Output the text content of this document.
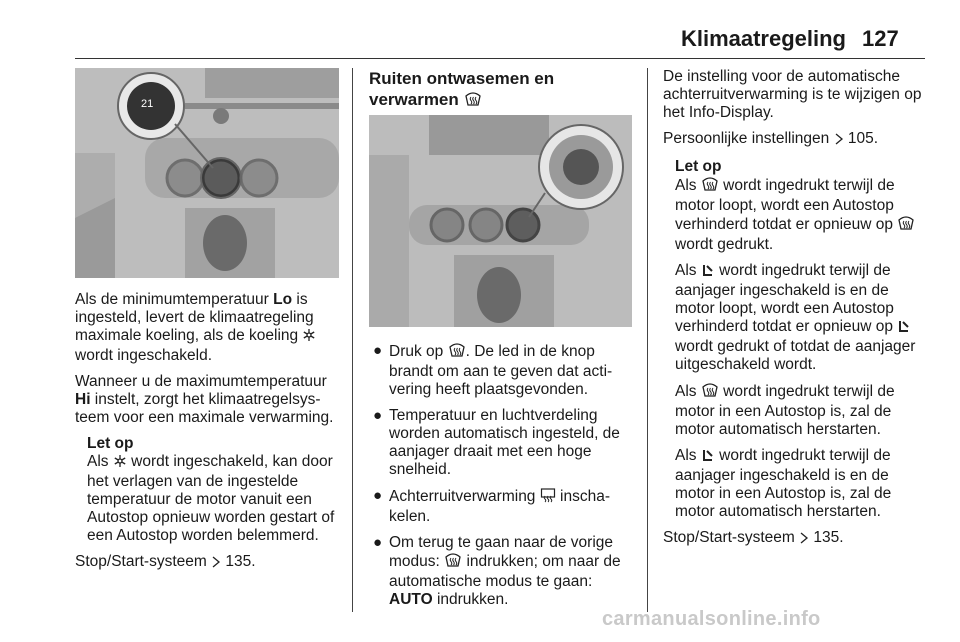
Klimaatregeling 127
21

Als de minimumtemperatuur Lo is ingesteld, levert de klimaatregeling maximale koeling, als de koeling  wordt ingeschakeld.

Wanneer u de maximumtemperatuur Hi instelt, zorgt het klimaatregelsys-teem voor een maximale verwarming.

Let op
Als  wordt ingeschakeld, kan door het verlagen van de ingestelde temperatuur de motor vanuit een Autostop opnieuw worden gestart of een Autostop worden belemmerd.

Stop/Start-systeem  135.

Ruiten ontwasemen en verwarmen
● Druk op . De led in de knop brandt om aan te geven dat acti-vering heeft plaatsgevonden.
● Temperatuur en luchtverdeling worden automatisch ingesteld, de aanjager draait met een hoge snelheid.
● Achterruitverwarming  inscha-kelen.
● Om terug te gaan naar de vorige modus:  indrukken; om naar de automatische modus te gaan: AUTO indrukken.

De instelling voor de automatische achterruitverwarming is te wijzigen op het Info-Display.

Persoonlijke instellingen  105.

Let op

Als  wordt ingedrukt terwijl de motor loopt, wordt een Autostop verhinderd totdat er opnieuw op  wordt gedrukt.

Als  wordt ingedrukt terwijl de aanjager ingeschakeld is en de motor loopt, wordt een Autostop verhinderd totdat er opnieuw op  wordt gedrukt of totdat de aanjager uitgeschakeld wordt.

Als  wordt ingedrukt terwijl de motor in een Autostop is, zal de motor automatisch herstarten.

Als  wordt ingedrukt terwijl de aanjager ingeschakeld is en de motor in een Autostop is, zal de motor automatisch herstarten.

Stop/Start-systeem  135.

carmanualsonline.info
